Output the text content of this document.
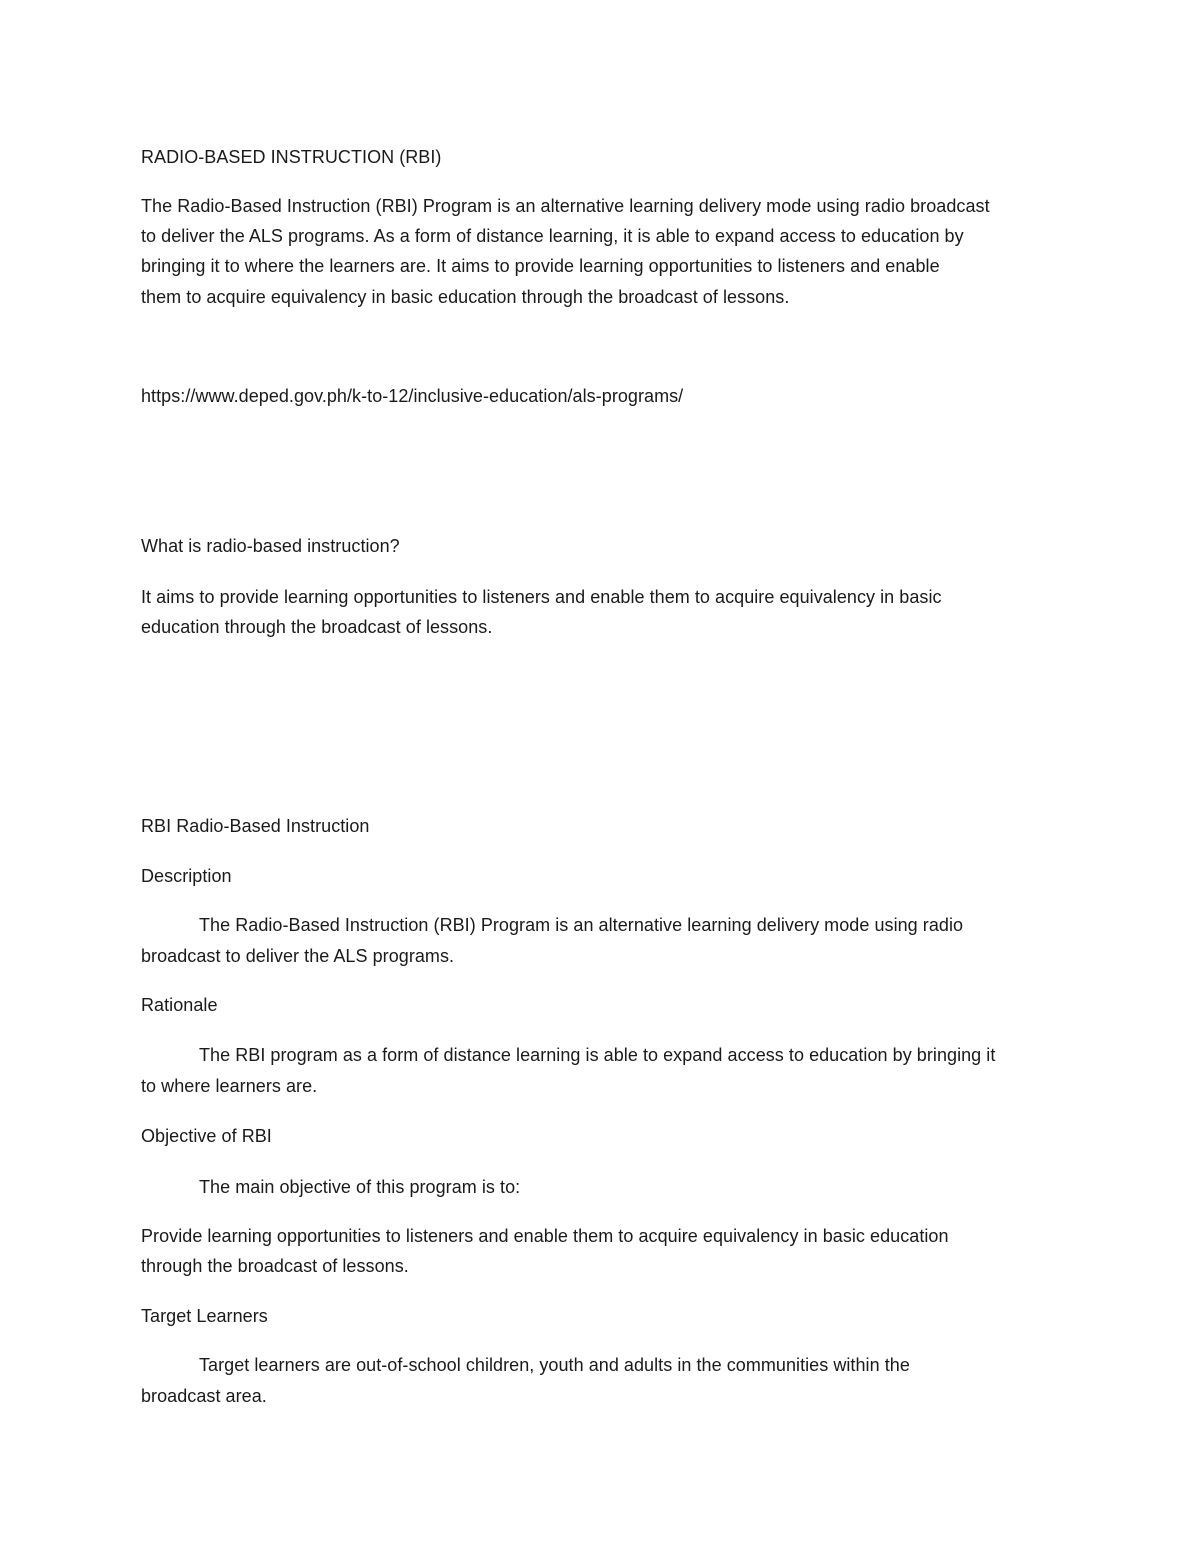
RADIO-BASED INSTRUCTION (RBI)

The Radio-Based Instruction (RBI) Program is an alternative learning delivery mode using radio broadcast

to deliver the ALS programs. As a form of distance learning, it is able to expand access to education by

bringing it to where the learners are. It aims to provide learning opportunities to listeners and enable

them to acquire equivalency in basic education through the broadcast of lessons.

https://www.deped.gov.ph/k-to-12/inclusive-education/als-programs/

What is radio-based instruction?

It aims to provide learning opportunities to listeners and enable them to acquire equivalency in basic

education through the broadcast of lessons.

RBI Radio-Based Instruction

Description

The Radio-Based Instruction (RBI) Program is an alternative learning delivery mode using radio

broadcast to deliver the ALS programs.

Rationale

The RBI program as a form of distance learning is able to expand access to education by bringing it

to where learners are.

Objective of RBI

The main objective of this program is to:

Provide learning opportunities to listeners and enable them to acquire equivalency in basic education

through the broadcast of lessons.

Target Learners

Target learners are out-of-school children, youth and adults in the communities within the

broadcast area.
